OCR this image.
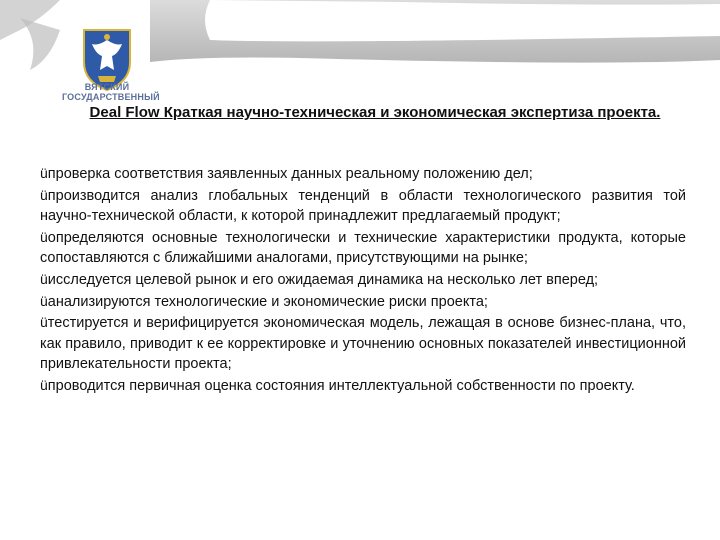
ВЯТСКИЙ
ГОСУДАРСТВЕННЫЙ
Deal Flow Краткая научно-техническая и экономическая экспертиза проекта.

üпроверка соответствия заявленных данных реальному положению дел;

üпроизводится анализ глобальных тенденций в области технологического развития той научно-технической области, к которой принадлежит предлагаемый продукт;

üопределяются основные технологически и технические характеристики продукта, которые сопоставляются с ближайшими аналогами, присутствующими на рынке;

üисследуется целевой рынок и его ожидаемая динамика на несколько лет вперед;

üанализируются технологические и экономические риски проекта;

üтестируется и верифицируется экономическая модель, лежащая в основе бизнес-плана, что, как правило, приводит к ее корректировке и уточнению основных показателей инвестиционной привлекательности проекта;

üпроводится первичная оценка состояния интеллектуальной собственности по проекту.
